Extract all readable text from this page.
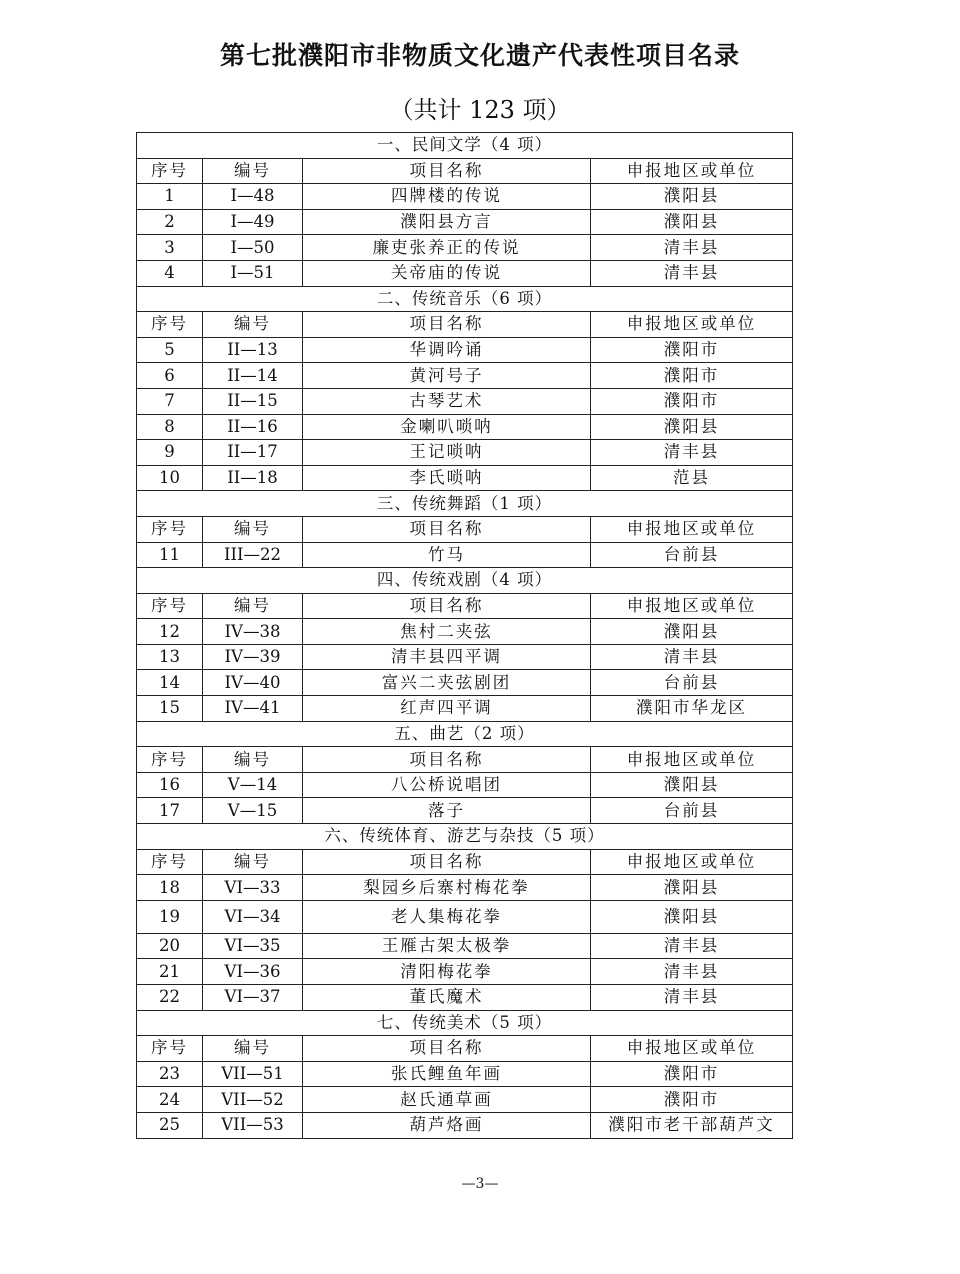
第七批濮阳市非物质文化遗产代表性项目名录
（共计 123 项）
一、民间文学（4 项）			
序号	编号	项目名称	申报地区或单位
1	I—48	四牌楼的传说	濮阳县
2	I—49	濮阳县方言	濮阳县
3	I—50	廉吏张养正的传说	清丰县
4	I—51	关帝庙的传说	清丰县
二、传统音乐（6 项）			
序号	编号	项目名称	申报地区或单位
5	II—13	华调吟诵	濮阳市
6	II—14	黄河号子	濮阳市
7	II—15	古琴艺术	濮阳市
8	II—16	金喇叭唢呐	濮阳县
9	II—17	王记唢呐	清丰县
10	II—18	李氏唢呐	范县
三、传统舞蹈（1 项）			
序号	编号	项目名称	申报地区或单位
11	III—22	竹马	台前县
四、传统戏剧（4 项）			
序号	编号	项目名称	申报地区或单位
12	IV—38	焦村二夹弦	濮阳县
13	IV—39	清丰县四平调	清丰县
14	IV—40	富兴二夹弦剧团	台前县
15	IV—41	红声四平调	濮阳市华龙区
五、曲艺（2 项）			
序号	编号	项目名称	申报地区或单位
16	V—14	八公桥说唱团	濮阳县
17	V—15	落子	台前县
六、传统体育、游艺与杂技（5 项）			
序号	编号	项目名称	申报地区或单位
18	VI—33	梨园乡后寨村梅花拳	濮阳县
19	VI—34	老人集梅花拳	濮阳县
20	VI—35	王雁古架太极拳	清丰县
21	VI—36	清阳梅花拳	清丰县
22	VI—37	董氏魔术	清丰县
七、传统美术（5 项）			
序号	编号	项目名称	申报地区或单位
23	VII—51	张氏鲤鱼年画	濮阳市
24	VII—52	赵氏通草画	濮阳市
25	VII—53	葫芦烙画	濮阳市老干部葫芦文
—3—
